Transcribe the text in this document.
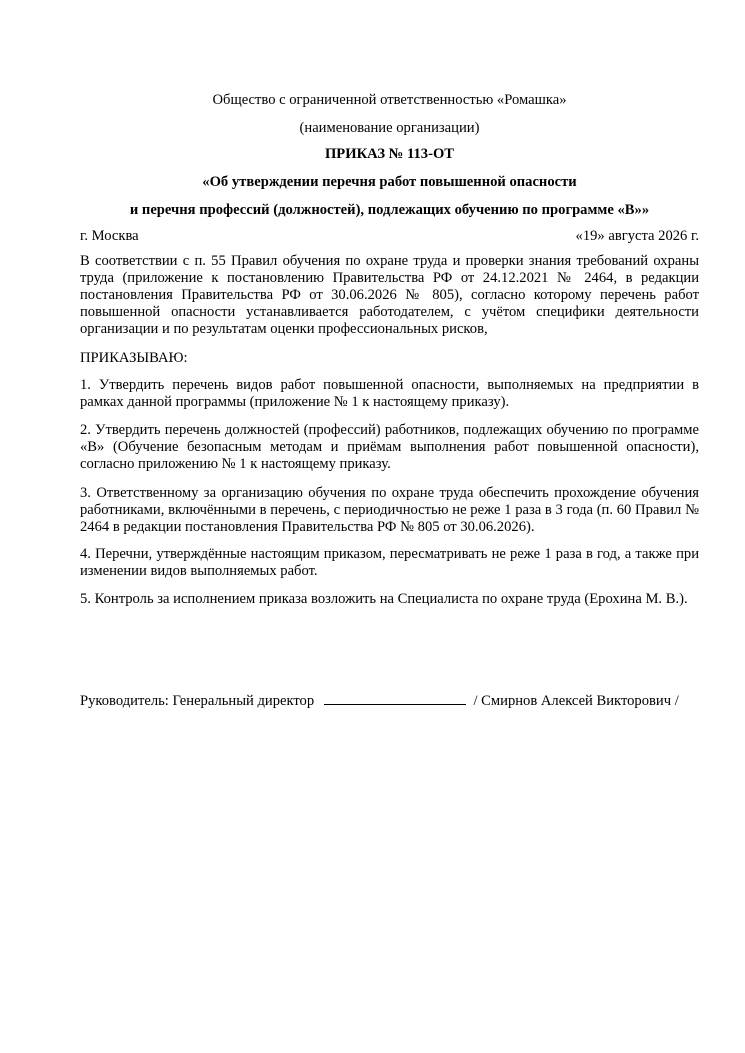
Общество с ограниченной ответственностью «Ромашка»
(наименование организации)
ПРИКАЗ № 113-ОТ
«Об утверждении перечня работ повышенной опасности
и перечня профессий (должностей), подлежащих обучению по программе «В»»
г. Москва	«19» августа 2026 г.
В соответствии с п. 55 Правил обучения по охране труда и проверки знания требований охраны труда (приложение к постановлению Правительства РФ от 24.12.2021 № 2464, в редакции постановления Правительства РФ от 30.06.2026 № 805), согласно которому перечень работ повышенной опасности устанавливается работодателем, с учётом специфики деятельности организации и по результатам оценки профессиональных рисков,
ПРИКАЗЫВАЮ:
1. Утвердить перечень видов работ повышенной опасности, выполняемых на предприятии в рамках данной программы (приложение № 1 к настоящему приказу).
2. Утвердить перечень должностей (профессий) работников, подлежащих обучению по программе «В» (Обучение безопасным методам и приёмам выполнения работ повышенной опасности), согласно приложению № 1 к настоящему приказу.
3. Ответственному за организацию обучения по охране труда обеспечить прохождение обучения работниками, включёнными в перечень, с периодичностью не реже 1 раза в 3 года (п. 60 Правил № 2464 в редакции постановления Правительства РФ № 805 от 30.06.2026).
4. Перечни, утверждённые настоящим приказом, пересматривать не реже 1 раза в год, а также при изменении видов выполняемых работ.
5. Контроль за исполнением приказа возложить на Специалиста по охране труда (Ерохина М. В.).
Руководитель: Генеральный директор	/ Смирнов Алексей Викторович /
